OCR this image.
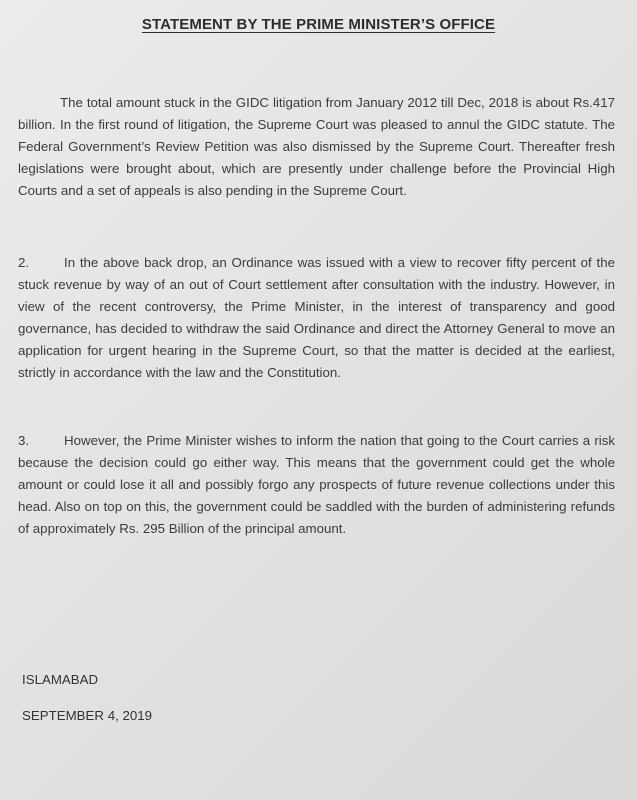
STATEMENT BY THE PRIME MINISTER’S OFFICE
The total amount stuck in the GIDC litigation from January 2012 till Dec, 2018 is about Rs.417 billion. In the first round of litigation, the Supreme Court was pleased to annul the GIDC statute. The Federal Government’s Review Petition was also dismissed by the Supreme Court. Thereafter fresh legislations were brought about, which are presently under challenge before the Provincial High Courts and a set of appeals is also pending in the Supreme Court.
2.	In the above back drop, an Ordinance was issued with a view to recover fifty percent of the stuck revenue by way of an out of Court settlement after consultation with the industry. However, in view of the recent controversy, the Prime Minister, in the interest of transparency and good governance, has decided to withdraw the said Ordinance and direct the Attorney General to move an application for urgent hearing in the Supreme Court, so that the matter is decided at the earliest, strictly in accordance with the law and the Constitution.
3.	However, the Prime Minister wishes to inform the nation that going to the Court carries a risk because the decision could go either way. This means that the government could get the whole amount or could lose it all and possibly forgo any prospects of future revenue collections under this head. Also on top on this, the government could be saddled with the burden of administering refunds of approximately Rs. 295 Billion of the principal amount.
ISLAMABAD
SEPTEMBER 4, 2019
